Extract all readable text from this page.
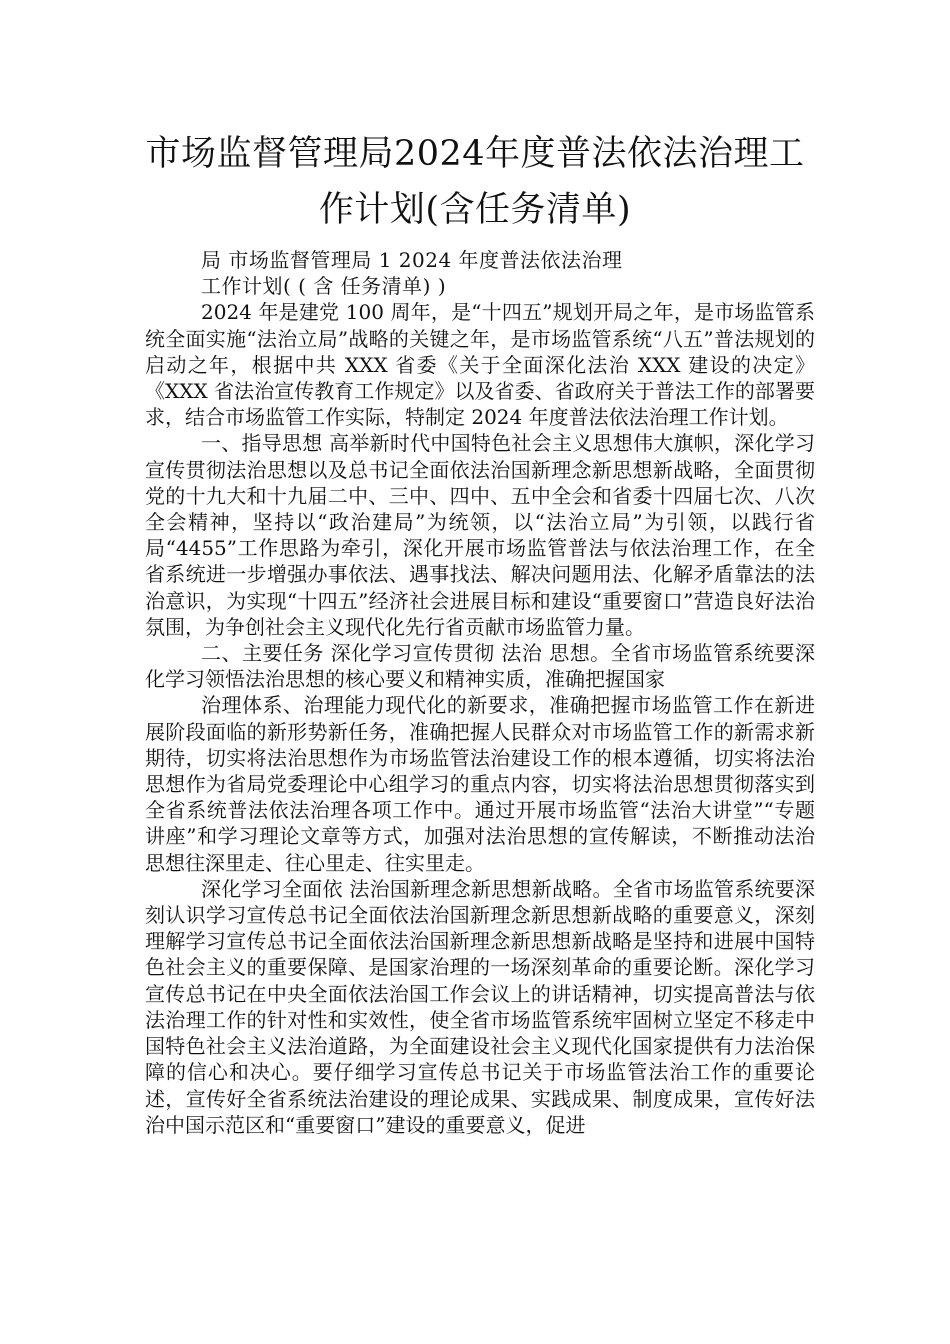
市场监督管理局2024年度普法依法治理工作计划(含任务清单)

局 市场监督管理局 1 2024 年度普法依法治理

工作计划( ( 含 任务清单) )

2024 年是建党 100 周年，是“十四五”规划开局之年，是市场监管系统全面实施“法治立局”战略的关键之年，是市场监管系统“八五”普法规划的启动之年，根据中共 XXX 省委《关于全面深化法治 XXX 建设的决定》《XXX 省法治宣传教育工作规定》以及省委、省政府关于普法工作的部署要求，结合市场监管工作实际，特制定 2024 年度普法依法治理工作计划。

一、指导思想 高举新时代中国特色社会主义思想伟大旗帜，深化学习宣传贯彻法治思想以及总书记全面依法治国新理念新思想新战略，全面贯彻党的十九大和十九届二中、三中、四中、五中全会和省委十四届七次、八次全会精神，坚持以“政治建局”为统领，以“法治立局”为引领，以践行省局“4455”工作思路为牵引，深化开展市场监管普法与依法治理工作，在全省系统进一步增强办事依法、遇事找法、解决问题用法、化解矛盾靠法的法治意识，为实现“十四五”经济社会进展目标和建设“重要窗口”营造良好法治氛围，为争创社会主义现代化先行省贡献市场监管力量。

二、主要任务 深化学习宣传贯彻 法治 思想。全省市场监管系统要深化学习领悟法治思想的核心要义和精神实质，准确把握国家

治理体系、治理能力现代化的新要求，准确把握市场监管工作在新进展阶段面临的新形势新任务，准确把握人民群众对市场监管工作的新需求新期待，切实将法治思想作为市场监管法治建设工作的根本遵循，切实将法治思想作为省局党委理论中心组学习的重点内容，切实将法治思想贯彻落实到全省系统普法依法治理各项工作中。通过开展市场监管“法治大讲堂”“专题讲座”和学习理论文章等方式，加强对法治思想的宣传解读，不断推动法治思想往深里走、往心里走、往实里走。

深化学习全面依 法治国新理念新思想新战略。全省市场监管系统要深刻认识学习宣传总书记全面依法治国新理念新思想新战略的重要意义，深刻理解学习宣传总书记全面依法治国新理念新思想新战略是坚持和进展中国特色社会主义的重要保障、是国家治理的一场深刻革命的重要论断。深化学习宣传总书记在中央全面依法治国工作会议上的讲话精神，切实提高普法与依法治理工作的针对性和实效性，使全省市场监管系统牢固树立坚定不移走中国特色社会主义法治道路，为全面建设社会主义现代化国家提供有力法治保障的信心和决心。要仔细学习宣传总书记关于市场监管法治工作的重要论述，宣传好全省系统法治建设的理论成果、实践成果、制度成果，宣传好法治中国示范区和“重要窗口”建设的重要意义，促进
